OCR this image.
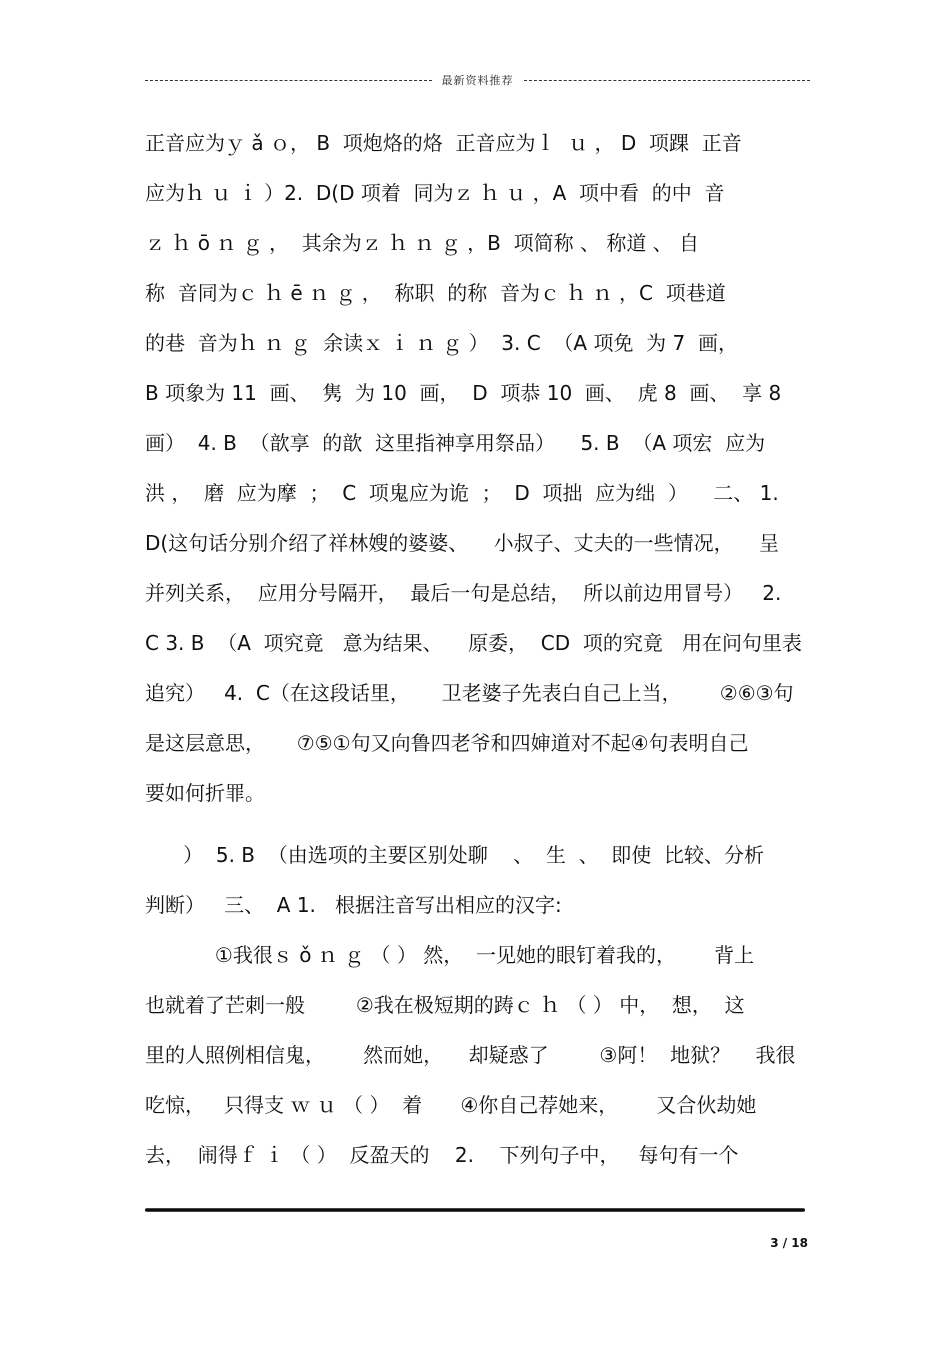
最新资料推荐
正音应为ｙ ǎ ｏ， B  项炮烙的烙  正音应为ｌ  ｕ ， D  项踝  正音
应为ｈ ｕ ｉ ）2.  D(D 项着  同为ｚ ｈ ｕ ，A  项中看  的中  音
ｚ ｈ ō ｎ ｇ ，  其余为ｚ ｈ ｎ ｇ ，B  项简称 、 称道 、 自
称  音同为ｃ ｈ ē ｎ ｇ ，  称职  的称  音为ｃ ｈ ｎ ，C  项巷道
的巷  音为ｈ ｎ ｇ  余读ｘ ｉ ｎ ｇ ）  3. C  （A 项免  为 7  画，
B 项象为 11  画、  隽  为 10  画，  D  项恭 10  画、  虎 8  画、  享 8
画）  4. B  （歆享  的歆  这里指神享用祭品）    5. B  （A 项宏  应为
洪 ，  磨  应为摩  ；  C  项鬼应为诡  ；  D  项拙  应为绌  ）    二、 1.
D(这句话分别介绍了祥林嫂的婆婆、    小叔子、丈夫的一些情况，    呈
并列关系，  应用分号隔开，  最后一句是总结，  所以前边用冒号）   2.
C 3. B  （A  项究竟   意为结果、    原委，  CD  项的究竟   用在问句里表
追究）   4.  C（在这段话里，     卫老婆子先表白自己上当，      ②⑥③句
是这层意思，     ⑦⑤①句又向鲁四老爷和四婶道对不起④句表明自己
要如何折罪。
）  5. B  （由选项的主要区别处聊    、  生  、  即使  比较、分析
判断）   三、  A 1.   根据注音写出相应的汉字:
①我很ｓ ǒ ｎ ｇ （ ） 然，  一见她的眼钉着我的，      背上
也就着了芒刺一般        ②我在极短期的踌ｃ ｈ （ ） 中，  想，  这
里的人照例相信鬼，      然而她，    却疑惑了        ③阿！  地狱？    我很
吃惊，   只得支 ｗ ｕ （ ）  着      ④你自己荐她来，      又合伙劫她
去，  闹得ｆ ｉ （ ）  反盈天的    2.    下列句子中，   每句有一个
3 / 18
